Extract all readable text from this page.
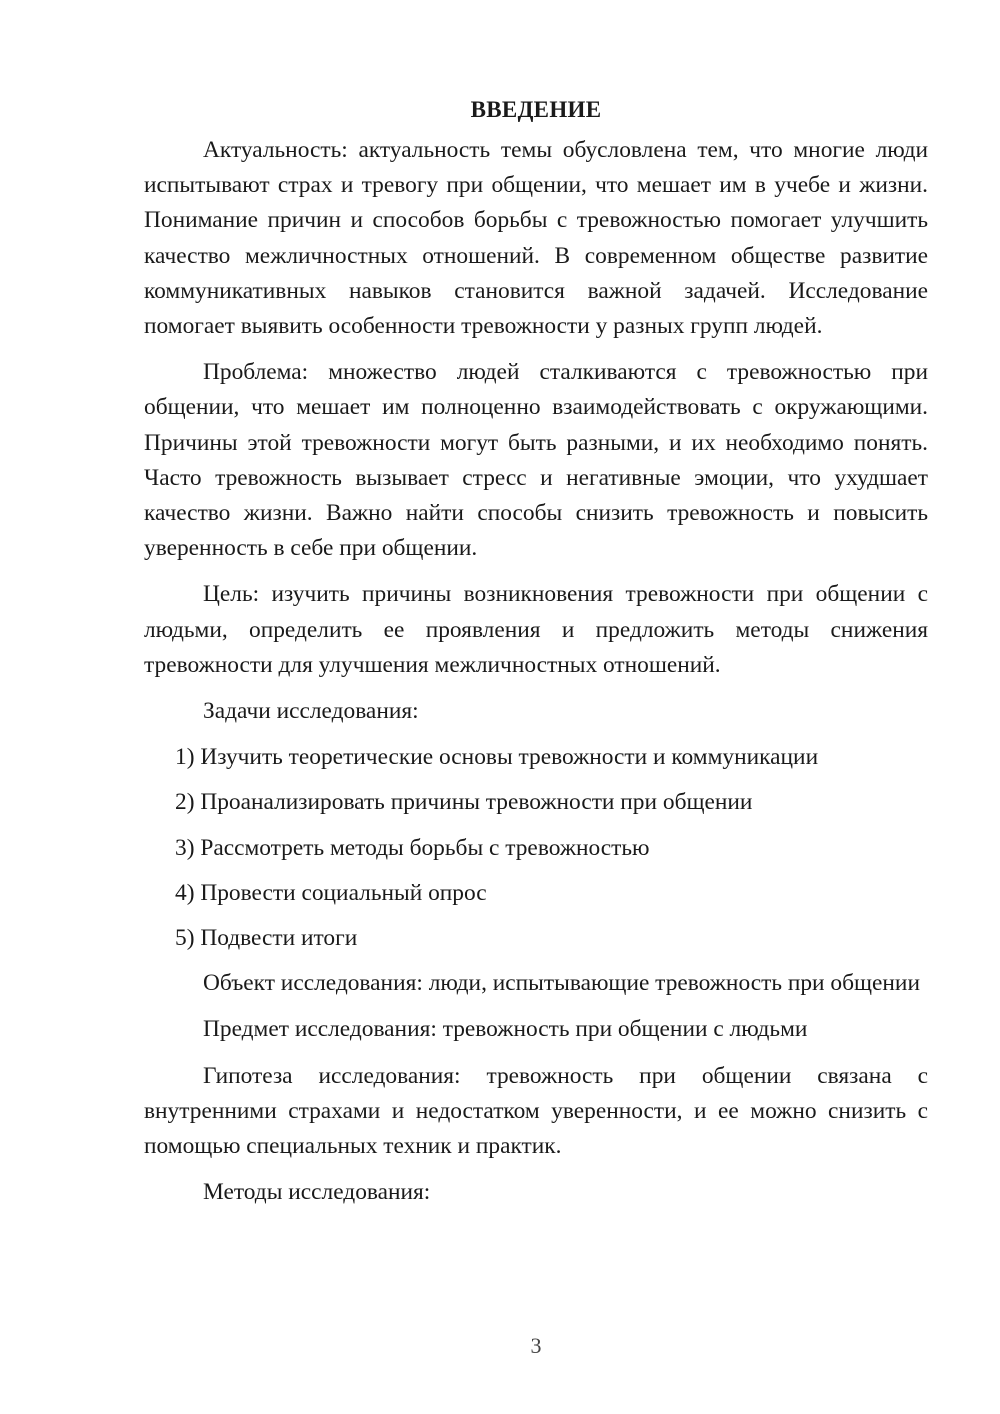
ВВЕДЕНИЕ

Актуальность: актуальность темы обусловлена тем, что многие люди испытывают страх и тревогу при общении, что мешает им в учебе и жизни. Понимание причин и способов борьбы с тревожностью помогает улучшить качество межличностных отношений. В современном обществе развитие коммуникативных навыков становится важной задачей. Исследование помогает выявить особенности тревожности у разных групп людей.

Проблема: множество людей сталкиваются с тревожностью при общении, что мешает им полноценно взаимодействовать с окружающими. Причины этой тревожности могут быть разными, и их необходимо понять. Часто тревожность вызывает стресс и негативные эмоции, что ухудшает качество жизни. Важно найти способы снизить тревожность и повысить уверенность в себе при общении.

Цель: изучить причины возникновения тревожности при общении с людьми, определить ее проявления и предложить методы снижения тревожности для улучшения межличностных отношений.

Задачи исследования:

1) Изучить теоретические основы тревожности и коммуникации
2) Проанализировать причины тревожности при общении
3) Рассмотреть методы борьбы с тревожностью
4) Провести социальный опрос
5) Подвести итоги

Объект исследования: люди, испытывающие тревожность при общении

Предмет исследования: тревожность при общении с людьми

Гипотеза исследования: тревожность при общении связана с внутренними страхами и недостатком уверенности, и ее можно снизить с помощью специальных техник и практик.

Методы исследования:

3
